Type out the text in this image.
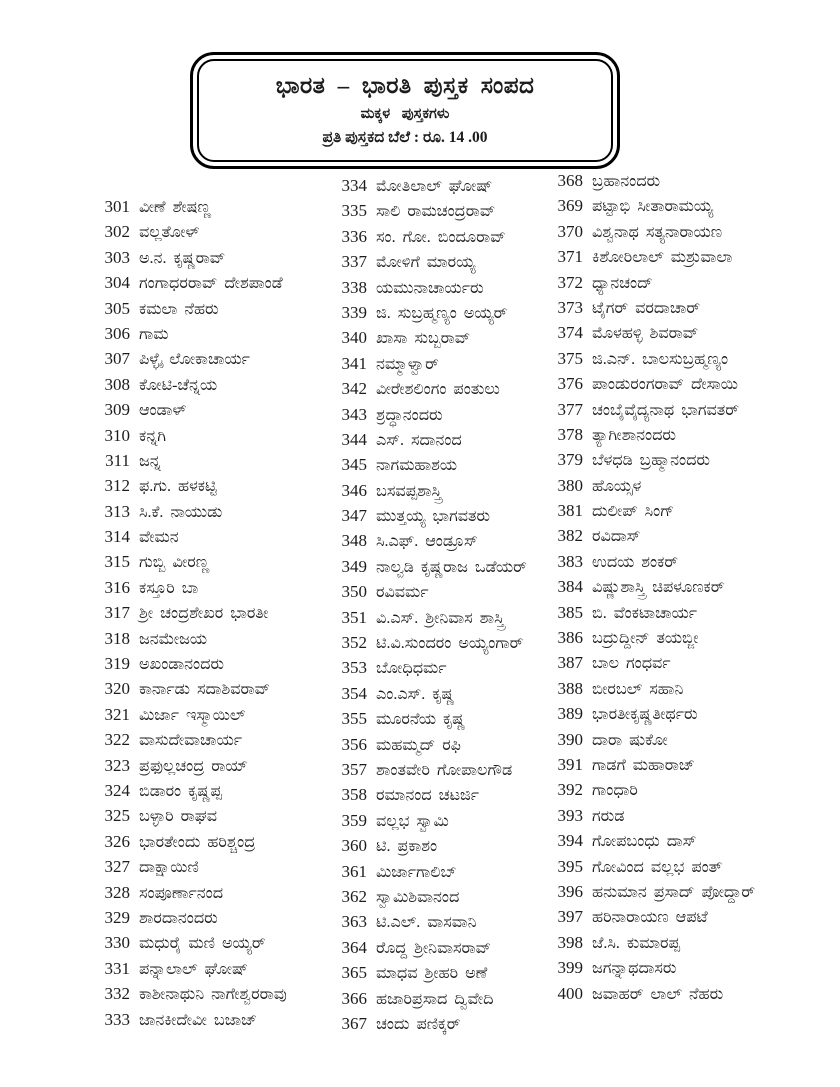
ಭಾರತ – ಭಾರತಿ ಪುಸ್ತಕ ಸಂಪದ
ಮಕ್ಕಳ ಪುಸ್ತಕಗಳು
ಪ್ರತಿ ಪುಸ್ತಕದ ಬೆಲೆ : ರೂ. 14 .00
301 ವೀಣೆ ಶೇಷಣ್ಣ
302 ವಲ್ಲತೋಳ್
303 ಅ.ನ. ಕೃಷ್ಣರಾವ್
304 ಗಂಗಾಧರರಾವ್ ದೇಶಪಾಂಡೆ
305 ಕಮಲಾ ನೆಹರು
306 ಗಾಮ
307 ಪಿಳ್ಳೈ ಲೋಕಾಚಾರ್ಯ
308 ಕೋಟಿ-ಚೆನ್ನಯ
309 ಆಂಡಾಳ್
310 ಕನ್ನಗಿ
311 ಜನ್ನ
312 ಫ.ಗು. ಹಳಕಟ್ಟಿ
313 ಸಿ.ಕೆ. ನಾಯುಡು
314 ವೇಮನ
315 ಗುಬ್ಬಿ ವೀರಣ್ಣ
316 ಕಸ್ತೂರಿ ಬಾ
317 ಶ್ರೀ ಚಂದ್ರಶೇಖರ ಭಾರತೀ
318 ಜನಮೇಜಯ
319 ಅಖಂಡಾನಂದರು
320 ಕಾರ್ನಾಡು ಸದಾಶಿವರಾವ್
321 ಮಿರ್ಜಾ ಇಸ್ಮಾಯಿಲ್
322 ವಾಸುದೇವಾಚಾರ್ಯ
323 ಪ್ರಫುಲ್ಲಚಂದ್ರ ರಾಯ್
324 ಬಿಡಾರಂ ಕೃಷ್ಣಪ್ಪ
325 ಬಳ್ಳಾರಿ ರಾಘವ
326 ಭಾರತೇಂದು ಹರಿಶ್ಚಂದ್ರ
327 ದಾಕ್ಷಾಯಿಣಿ
328 ಸಂಪೂರ್ಣಾನಂದ
329 ಶಾರದಾನಂದರು
330 ಮಧುರೈ ಮಣಿ ಅಯ್ಯರ್
331 ಪನ್ನಾಲಾಲ್ ಘೋಷ್
332 ಕಾಶೀನಾಥುನಿ ನಾಗೇಶ್ವರರಾವು
333 ಜಾನಕೀದೇವೀ ಬಜಾಜ್
334 ಮೋತಿಲಾಲ್ ಘೋಷ್
335 ಸಾಲಿ ರಾಮಚಂದ್ರರಾವ್
336 ಸಂ. ಗೋ. ಬಿಂದೂರಾವ್
337 ಮೋಳಿಗೆ ಮಾರಯ್ಯ
338 ಯಮುನಾಚಾರ್ಯರು
339 ಜಿ. ಸುಬ್ರಹ್ಮಣ್ಯಂ ಅಯ್ಯರ್
340 ಖಾಸಾ ಸುಬ್ಬರಾವ್
341 ನಮ್ಮಾಳ್ವಾರ್
342 ವೀರೇಶಲಿಂಗಂ ಪಂತುಲು
343 ಶ್ರದ್ಧಾನಂದರು
344 ಎಸ್. ಸದಾನಂದ
345 ನಾಗಮಹಾಶಯ
346 ಬಸವಪ್ಪಶಾಸ್ತ್ರಿ
347 ಮುತ್ತಯ್ಯ ಭಾಗವತರು
348 ಸಿ.ಎಫ್. ಆಂಡ್ರೂಸ್
349 ನಾಲ್ವಡಿ ಕೃಷ್ಣರಾಜ ಒಡೆಯರ್
350 ರವಿವರ್ಮ
351 ವಿ.ಎಸ್. ಶ್ರೀನಿವಾಸ ಶಾಸ್ತ್ರಿ
352 ಟಿ.ವಿ.ಸುಂದರಂ ಅಯ್ಯಂಗಾರ್
353 ಬೋಧಿಧರ್ಮ
354 ಎಂ.ಎಸ್. ಕೃಷ್ಣ
355 ಮೂರನೆಯ ಕೃಷ್ಣ
356 ಮಹಮ್ಮದ್ ರಫಿ
357 ಶಾಂತವೇರಿ ಗೋಪಾಲಗೌಡ
358 ರಮಾನಂದ ಚಟರ್ಜಿ
359 ವಲ್ಲಭ ಸ್ವಾಮಿ
360 ಟಿ. ಪ್ರಕಾಶಂ
361 ಮಿರ್ಜಾಗಾಲಿಬ್
362 ಸ್ವಾಮಿಶಿವಾನಂದ
363 ಟಿ.ಎಲ್. ವಾಸವಾನಿ
364 ರೊದ್ದ ಶ್ರೀನಿವಾಸರಾವ್
365 ಮಾಧವ ಶ್ರೀಹರಿ ಅಣೆ
366 ಹಜಾರಿಪ್ರಸಾದ ದ್ವಿವೇದಿ
367 ಚಂದು ಪಣಿಕ್ಕರ್
368 ಬ್ರಹಾನಂದರು
369 ಪಟ್ಟಾಭಿ ಸೀತಾರಾಮಯ್ಯ
370 ವಿಶ್ವನಾಥ ಸತ್ಯನಾರಾಯಣ
371 ಕಿಶೋರಿಲಾಲ್ ಮಶ್ರುವಾಲಾ
372 ಧ್ಯಾನಚಂದ್
373 ಟೈಗರ್ ವರದಾಚಾರ್
374 ಮೊಳಹಳ್ಳಿ ಶಿವರಾವ್
375 ಜಿ.ಎನ್. ಬಾಲಸುಬ್ರಹ್ಮಣ್ಯಂ
376 ಪಾಂಡುರಂಗರಾವ್ ದೇಸಾಯಿ
377 ಚಂಬೈವೈದ್ಯನಾಥ ಭಾಗವತರ್
378 ತ್ಯಾಗೀಶಾನಂದರು
379 ಬೆಳಧಡಿ ಬ್ರಹ್ಮಾನಂದರು
380 ಹೊಯ್ಸಳ
381 ದುಲೀಪ್ ಸಿಂಗ್
382 ರವಿದಾಸ್
383 ಉದಯ ಶಂಕರ್
384 ವಿಷ್ಣುಶಾಸ್ತ್ರಿ ಚಿಪಳೂಣಕರ್
385 ಬಿ. ವೆಂಕಟಾಚಾರ್ಯ
386 ಬದ್ರುದ್ದೀನ್ ತಯಬ್ಜೀ
387 ಬಾಲ ಗಂಧರ್ವ
388 ಬೀರಬಲ್ ಸಹಾನಿ
389 ಭಾರತೀಕೃಷ್ಣತೀರ್ಥರು
390 ದಾರಾ ಷುಕೋ
391 ಗಾಡಗೆ ಮಹಾರಾಜ್
392 ಗಾಂಧಾರಿ
393 ಗರುಡ
394 ಗೋಪಬಂಧು ದಾಸ್
395 ಗೋವಿಂದ ವಲ್ಲಭ ಪಂತ್
396 ಹನುಮಾನ ಪ್ರಸಾದ್ ಪೋದ್ದಾರ್
397 ಹರಿನಾರಾಯಣ ಆಪಟೆ
398 ಜೆ.ಸಿ. ಕುಮಾರಪ್ಪ
399 ಜಗನ್ನಾಥದಾಸರು
400 ಜವಾಹರ್ ಲಾಲ್ ನೆಹರು
